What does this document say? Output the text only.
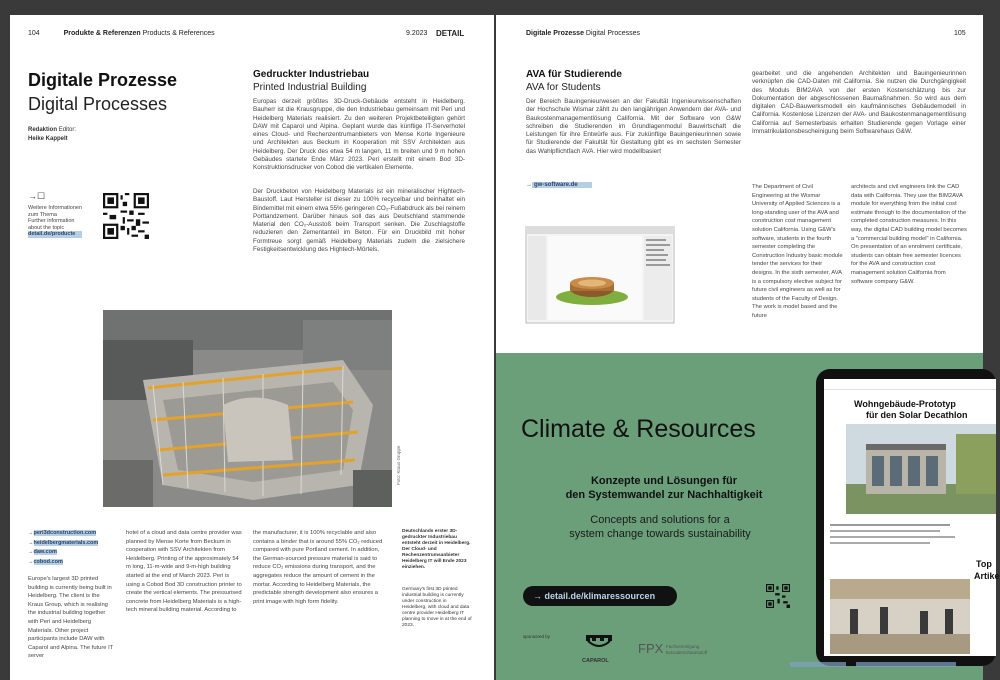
104	Produkte & Referenzen Products & References	9.2023 DETAIL
Digitale Prozesse
Digital Processes
Redaktion Editor:
Heike Kappelt
→☐
Weitere Informationen
zum Thema
Further information
about the topic
detail.de/producte
Gedruckter Industriebau
Printed Industrial Building
Europas derzeit größtes 3D-Druck-Gebäude entsteht in Heidelberg. Bauherr ist die Krausgruppe, die den Industriebau gemeinsam mit Peri und Heidelberg Materials realisiert. Zu den weiteren Projektbeteiligten gehört DAW mit Caparol und Alpina. Geplant wurde das künftige IT-Serverhotel eines Cloud- und Rechenzentrumanbieters von Mense Korte Ingenieure und Architekten aus Beckum in Kooperation mit SSV Architekten aus Heidelberg. Der Druck des etwa 54 m langen, 11 m breiten und 9 m hohen Gebäudes startete Ende März 2023. Peri erstellt mit einem Bod 3D-Konstruktionsdrucker von Cobod die vertikalen Elemente.
Der Druckbeton von Heidelberg Materials ist ein mineralischer Hightech-Baustoff. Laut Hersteller ist dieser zu 100% recycelbar und beinhaltet ein Bindemittel mit einem etwa 55% geringeren CO₂-Fußabdruck als bei reinem Portlandzement. Darüber hinaus soll das aus Deutschland stammende Material den CO₂-Ausstoß beim Transport senken. Die Zuschlagstoffe reduzieren den Zementanteil im Beton. Für ein Druckbild mit hoher Formtreue sorgt gemäß Heidelberg Materials zudem die zielsichere Festigkeitsentwicklung des Hightech-Mörtels.
Foto: Kraus Gruppe
→peri3dconstruction.com
→heidelbergmaterials.com
→daw.com
→cobod.com
Europe's largest 3D printed building is currently being built in Heidelberg. The client is the Kraus Group, which is realising the industrial building together with Peri and Heidelberg Materials. Other project participants include DAW with Caparol and Alpina. The future IT server
hotel of a cloud and data centre provider was planned by Mense Korte from Beckum in cooperation with SSV Architekten from Heidelberg. Printing of the approximately 54 m long, 11-m-wide and 9-m-high building started at the end of March 2023. Peri is using a Cobod Bod 3D construction printer to create the vertical elements. The pressurised concrete from Heidelberg Materials is a high-tech mineral building material. According to
the manufacturer, it is 100% recyclable and also contains a binder that is around 55% CO₂ reduced compared with pure Portland cement. In addition, the German-sourced pressure material is said to reduce CO₂ emissions during transport, and the aggregates reduce the amount of cement in the mortar. According to Heidelberg Materials, the predictable strength development also ensures a print image with high form fidelity.
Deutschlands erster 3D-gedruckter Industriebau entsteht derzeit in Heidelberg. Der Cloud- und Rechenzentrumsanbieter Heidelberg IT will Ende 2023 einziehen.
Germany's first 3D printed industrial building is currently under construction in Heidelberg, with cloud and data centre provider Heidelberg IT planning to move in at the end of 2023.
Digitale Prozesse Digital Processes	105
AVA für Studierende
AVA for Students
Der Bereich Bauingenieurwesen an der Fakultät Ingenieurwissenschaften der Hochschule Wismar zählt zu den langjährigen Anwendern der AVA- und Baukostenmanagementlösung California. Mit der Software von G&W schreiben die Studierenden im Grundlagenmodul Bauwirtschaft die Leistungen für ihre Entwürfe aus. Für zukünftige Bauingenieurinnen sowie für Studierende der Fakultät für Gestaltung gibt es im sechsten Semester das Wahlpflichtfach AVA. Hier wird modellbasiert
gearbeitet und die angehenden Architekten und Bauingenieurinnen verknüpfen die CAD-Daten mit California. Sie nutzen die Durchgängigkeit des Moduls BIM2AVA von der ersten Kostenschätzung bis zur Dokumentation der abgeschlossenen Baumaßnahmen. So wird aus dem digitalen CAD-Bauwerksmodell ein kaufmännisches Gebäudemodell in California. Kostenlose Lizenzen der AVA- und Baukostenmanagementlösung California auf Semesterbasis erhalten Studierende gegen Vorlage einer Immatrikulationsbescheinigung beim Softwarehaus G&W.
→ gw-software.de	The Department of Civil Engineering at the Wismar University of Applied Sciences is a long-standing user of the AVA and construction cost management solution California. Using G&W's software, students in the fourth semester completing the Construction Industry basic module tender the services for their designs. In the sixth semester, AVA is a compulsory elective subject for future civil engineers as well as for students of the Faculty of Design. The work is model based and the future
architects and civil engineers link the CAD data with California. They use the BIM2AVA module for everything from the initial cost estimate through to the documentation of the completed construction measures. In this way, the digital CAD building model becomes a "commercial building model" in California. On presentation of an enrolment certificate, students can obtain free semester licences for the AVA and construction cost management solution California from software company G&W.
Climate & Resources
Konzepte und Lösungen für
den Systemwandel zur Nachhaltigkeit
Concepts and solutions for a
system change towards sustainability
→ detail.de/klimaressourcen
Wohngebäude-Prototyp
für den Solar Decathlon
Top
Artike
sponsored by
CAPAROL
FPX Fachvereinigung
Extruderschaumstoff
